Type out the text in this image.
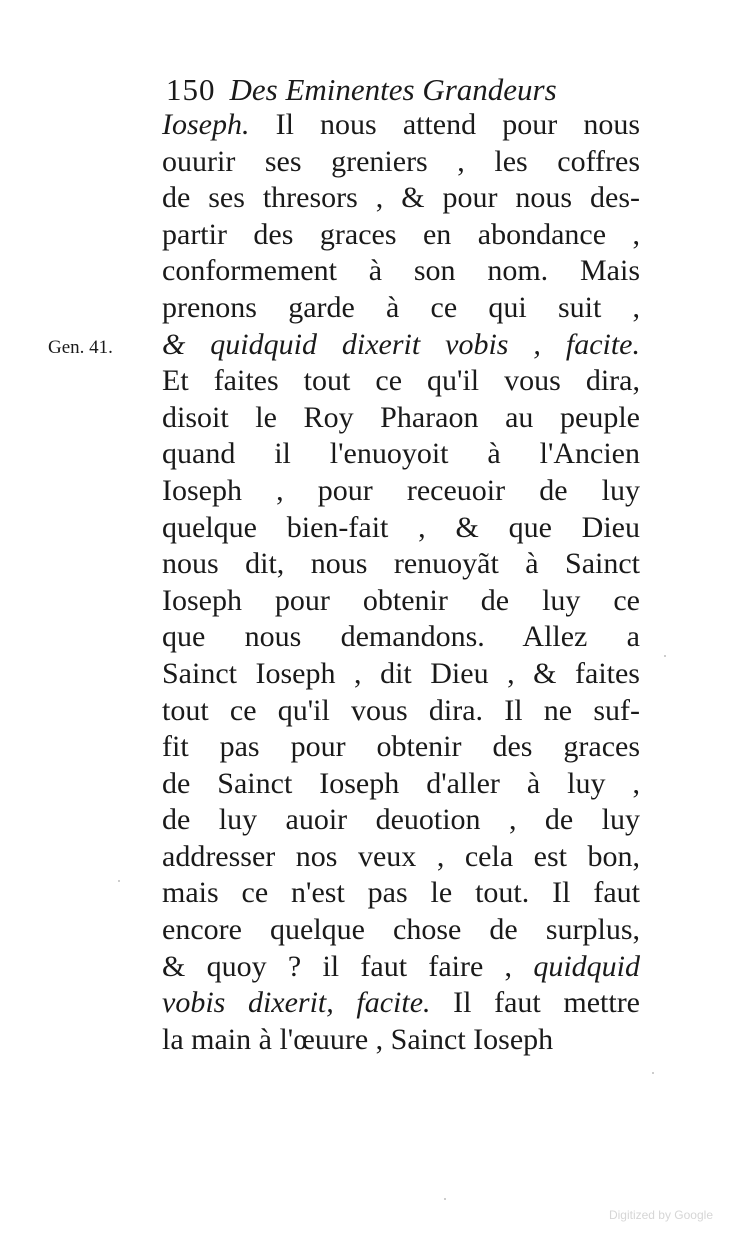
150 Des Eminentes Grandeurs
Gen. 41.
Ioseph. Il nous attend pour nous
ouurir ses greniers , les coffres
de ses thresors , & pour nous des-
partir des graces en abondance ,
conformement à son nom. Mais
prenons garde à ce qui suit ,
& quidquid dixerit vobis , facite.
Et faites tout ce qu'il vous dira,
disoit le Roy Pharaon au peuple
quand il l'enuoyoit à l'Ancien
Ioseph , pour receuoir de luy
quelque bien-fait , & que Dieu
nous dit, nous renuoyãt à Sainct
Ioseph pour obtenir de luy ce
que nous demandons. Allez a
Sainct Ioseph , dit Dieu , & faites
tout ce qu'il vous dira. Il ne suf-
fit pas pour obtenir des graces
de Sainct Ioseph d'aller à luy ,
de luy auoir deuotion , de luy
addresser nos veux , cela est bon,
mais ce n'est pas le tout. Il faut
encore quelque chose de surplus,
& quoy ? il faut faire , quidquid
vobis dixerit, facite. Il faut mettre
la main à l'œuure , Sainct Ioseph
Digitized by Google
